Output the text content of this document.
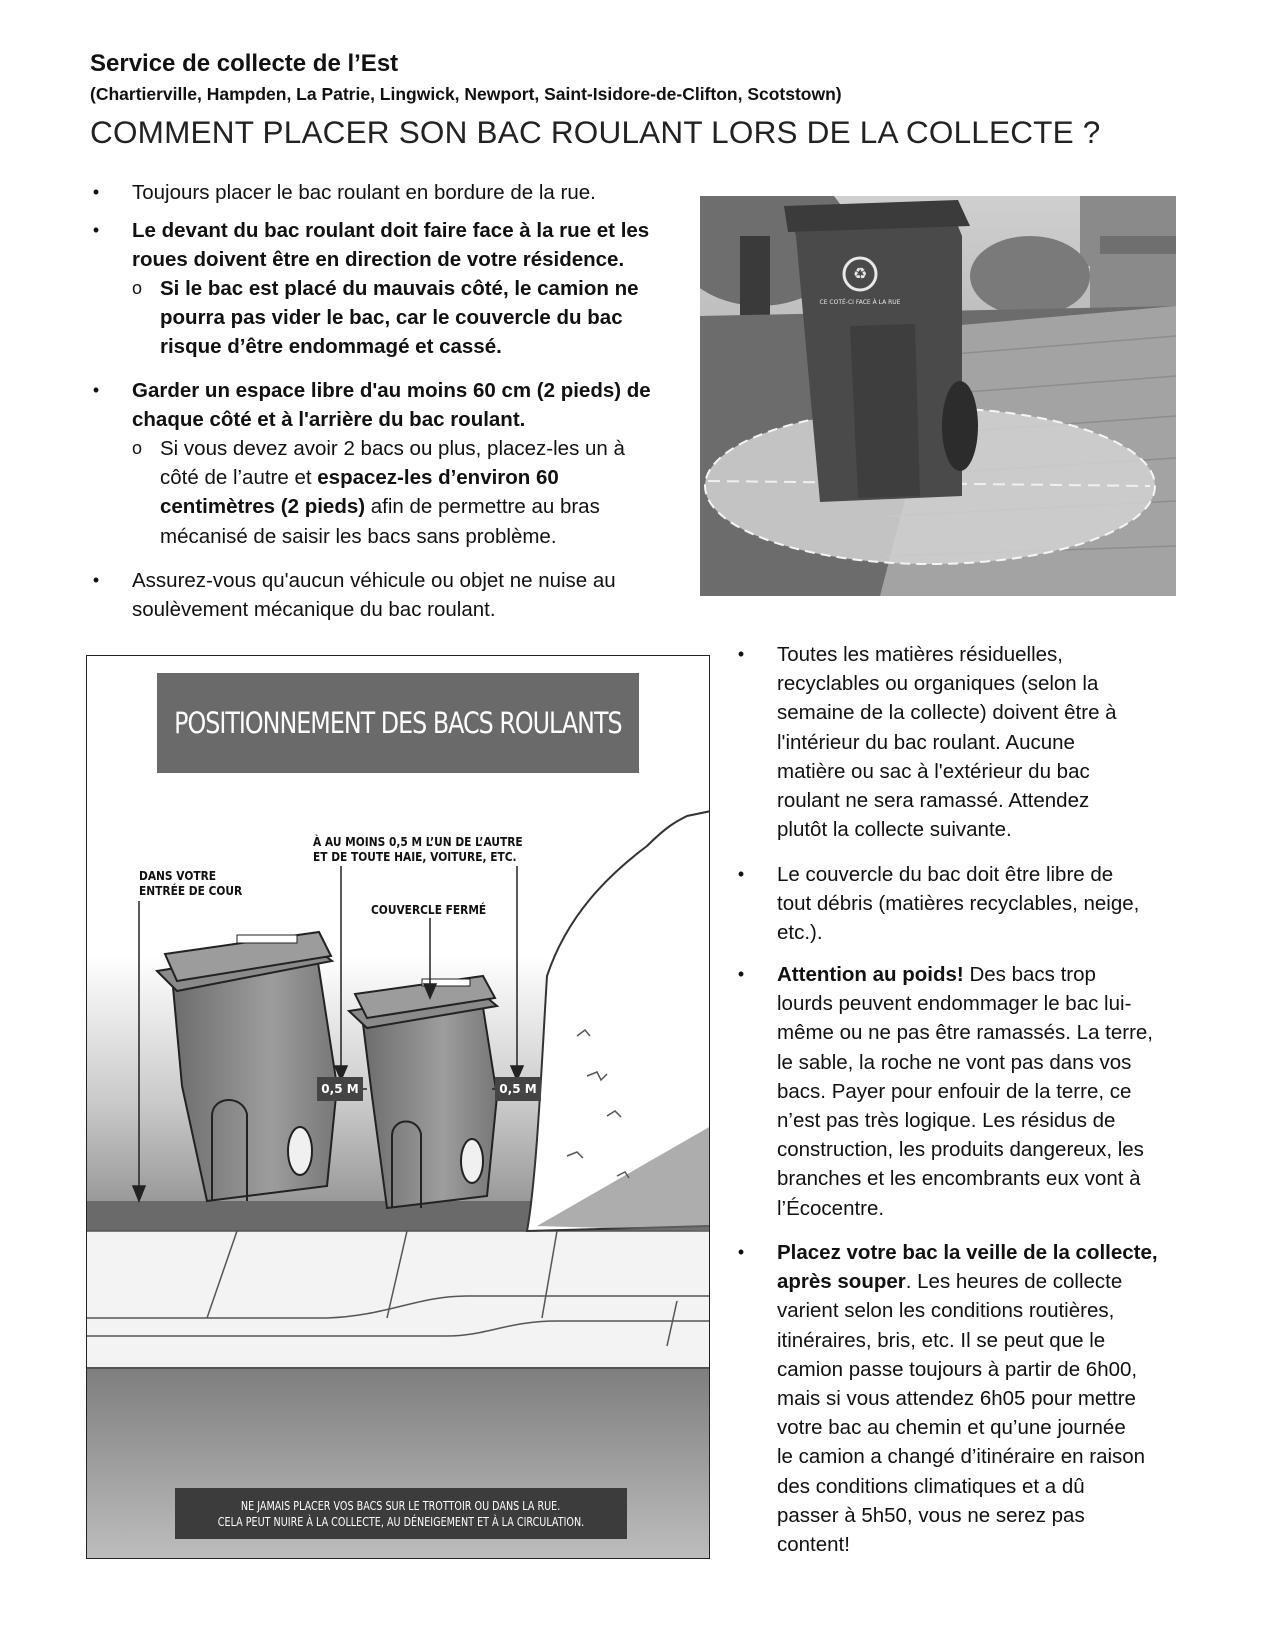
Service de collecte de l’Est
(Chartierville, Hampden, La Patrie, Lingwick, Newport, Saint-Isidore-de-Clifton, Scotstown)
COMMENT PLACER SON BAC ROULANT LORS DE LA COLLECTE ?
• Toujours placer le bac roulant en bordure de la rue.
• Le devant du bac roulant doit faire face à la rue et les
roues doivent être en direction de votre résidence.
o Si le bac est placé du mauvais côté, le camion ne
pourra pas vider le bac, car le couvercle du bac
risque d’être endommagé et cassé.
• Garder un espace libre d'au moins 60 cm (2 pieds) de
chaque côté et à l'arrière du bac roulant.
o Si vous devez avoir 2 bacs ou plus, placez-les un à
côté de l’autre et espacez-les d’environ 60
centimètres (2 pieds) afin de permettre au bras
mécanisé de saisir les bacs sans problème.
• Assurez-vous qu'aucun véhicule ou objet ne nuise au
soulèvement mécanique du bac roulant.
♻
CE COTÉ-CI FACE À LA RUE
POSITIONNEMENT DES BACS ROULANTS
DANS VOTRE
ENTRÉE DE COUR
À AU MOINS 0,5 M L’UN DE L’AUTRE
ET DE TOUTE HAIE, VOITURE, ETC.
COUVERCLE FERMÉ
0,5 M	0,5 M
NE JAMAIS PLACER VOS BACS SUR LE TROTTOIR OU DANS LA RUE.
CELA PEUT NUIRE À LA COLLECTE, AU DÉNEIGEMENT ET À LA CIRCULATION.
• Toutes les matières résiduelles,
recyclables ou organiques (selon la
semaine de la collecte) doivent être à
l'intérieur du bac roulant. Aucune
matière ou sac à l'extérieur du bac
roulant ne sera ramassé. Attendez
plutôt la collecte suivante.
• Le couvercle du bac doit être libre de
tout débris (matières recyclables, neige,
etc.).
• Attention au poids! Des bacs trop
lourds peuvent endommager le bac lui-
même ou ne pas être ramassés. La terre,
le sable, la roche ne vont pas dans vos
bacs. Payer pour enfouir de la terre, ce
n’est pas très logique. Les résidus de
construction, les produits dangereux, les
branches et les encombrants eux vont à
l’Écocentre.
• Placez votre bac la veille de la collecte,
après souper. Les heures de collecte
varient selon les conditions routières,
itinéraires, bris, etc. Il se peut que le
camion passe toujours à partir de 6h00,
mais si vous attendez 6h05 pour mettre
votre bac au chemin et qu’une journée
le camion a changé d’itinéraire en raison
des conditions climatiques et a dû
passer à 5h50, vous ne serez pas
content!
